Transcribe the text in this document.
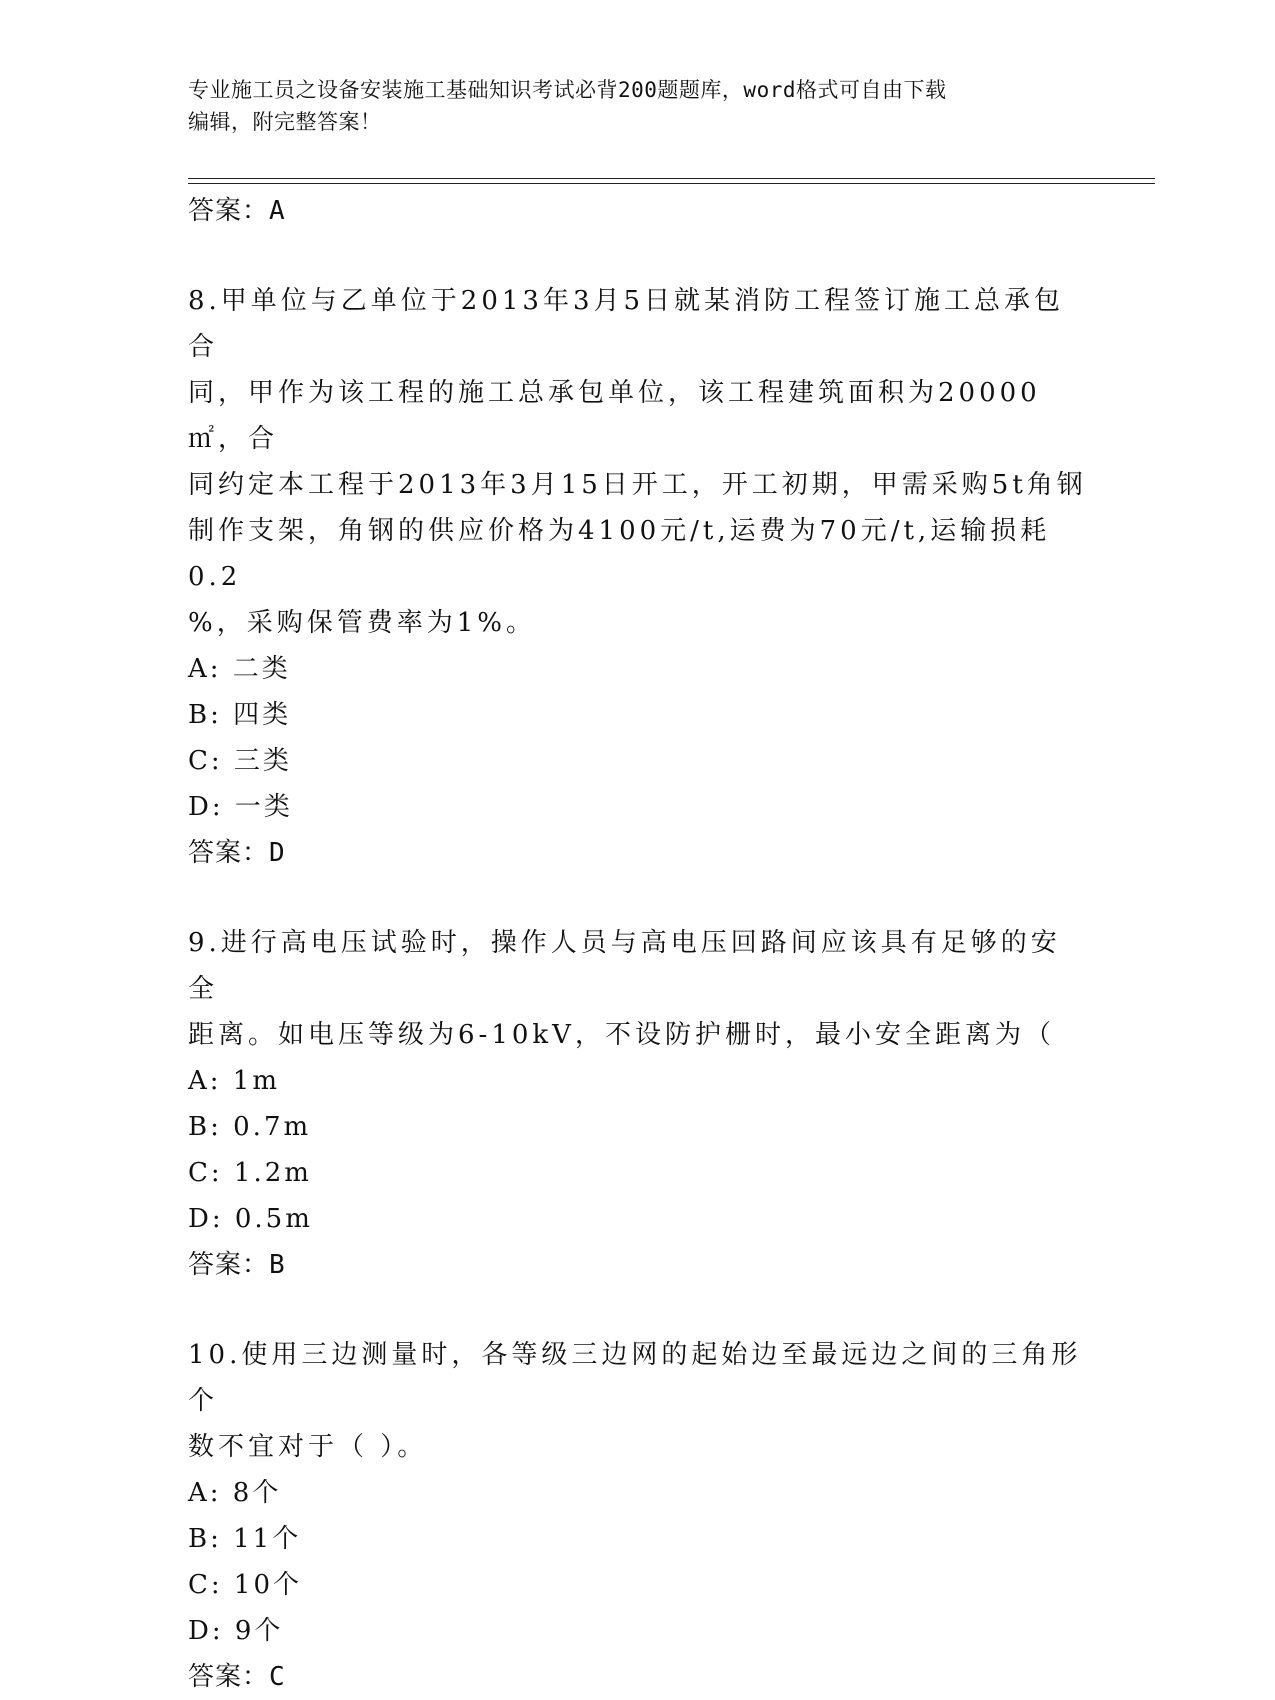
专业施工员之设备安装施工基础知识考试必背200题题库，word格式可自由下载
编辑，附完整答案！

答案：A

8.甲单位与乙单位于2013年3月5日就某消防工程签订施工总承包合

同，甲作为该工程的施工总承包单位，该工程建筑面积为20000㎡，合

同约定本工程于2013年3月15日开工，开工初期，甲需采购5t角钢

制作支架，角钢的供应价格为4100元/t,运费为70元/t,运输损耗0.2

%，采购保管费率为1%。

A: 二类

B: 四类

C: 三类

D: 一类

答案：D

9.进行高电压试验时，操作人员与高电压回路间应该具有足够的安全

距离。如电压等级为6-10kV，不设防护栅时，最小安全距离为（

A: 1m

B: 0.7m

C: 1.2m

D: 0.5m

答案：B

10.使用三边测量时，各等级三边网的起始边至最远边之间的三角形个

数不宜对于（ ）。

A: 8个

B: 11个

C: 10个

D: 9个

答案：C
